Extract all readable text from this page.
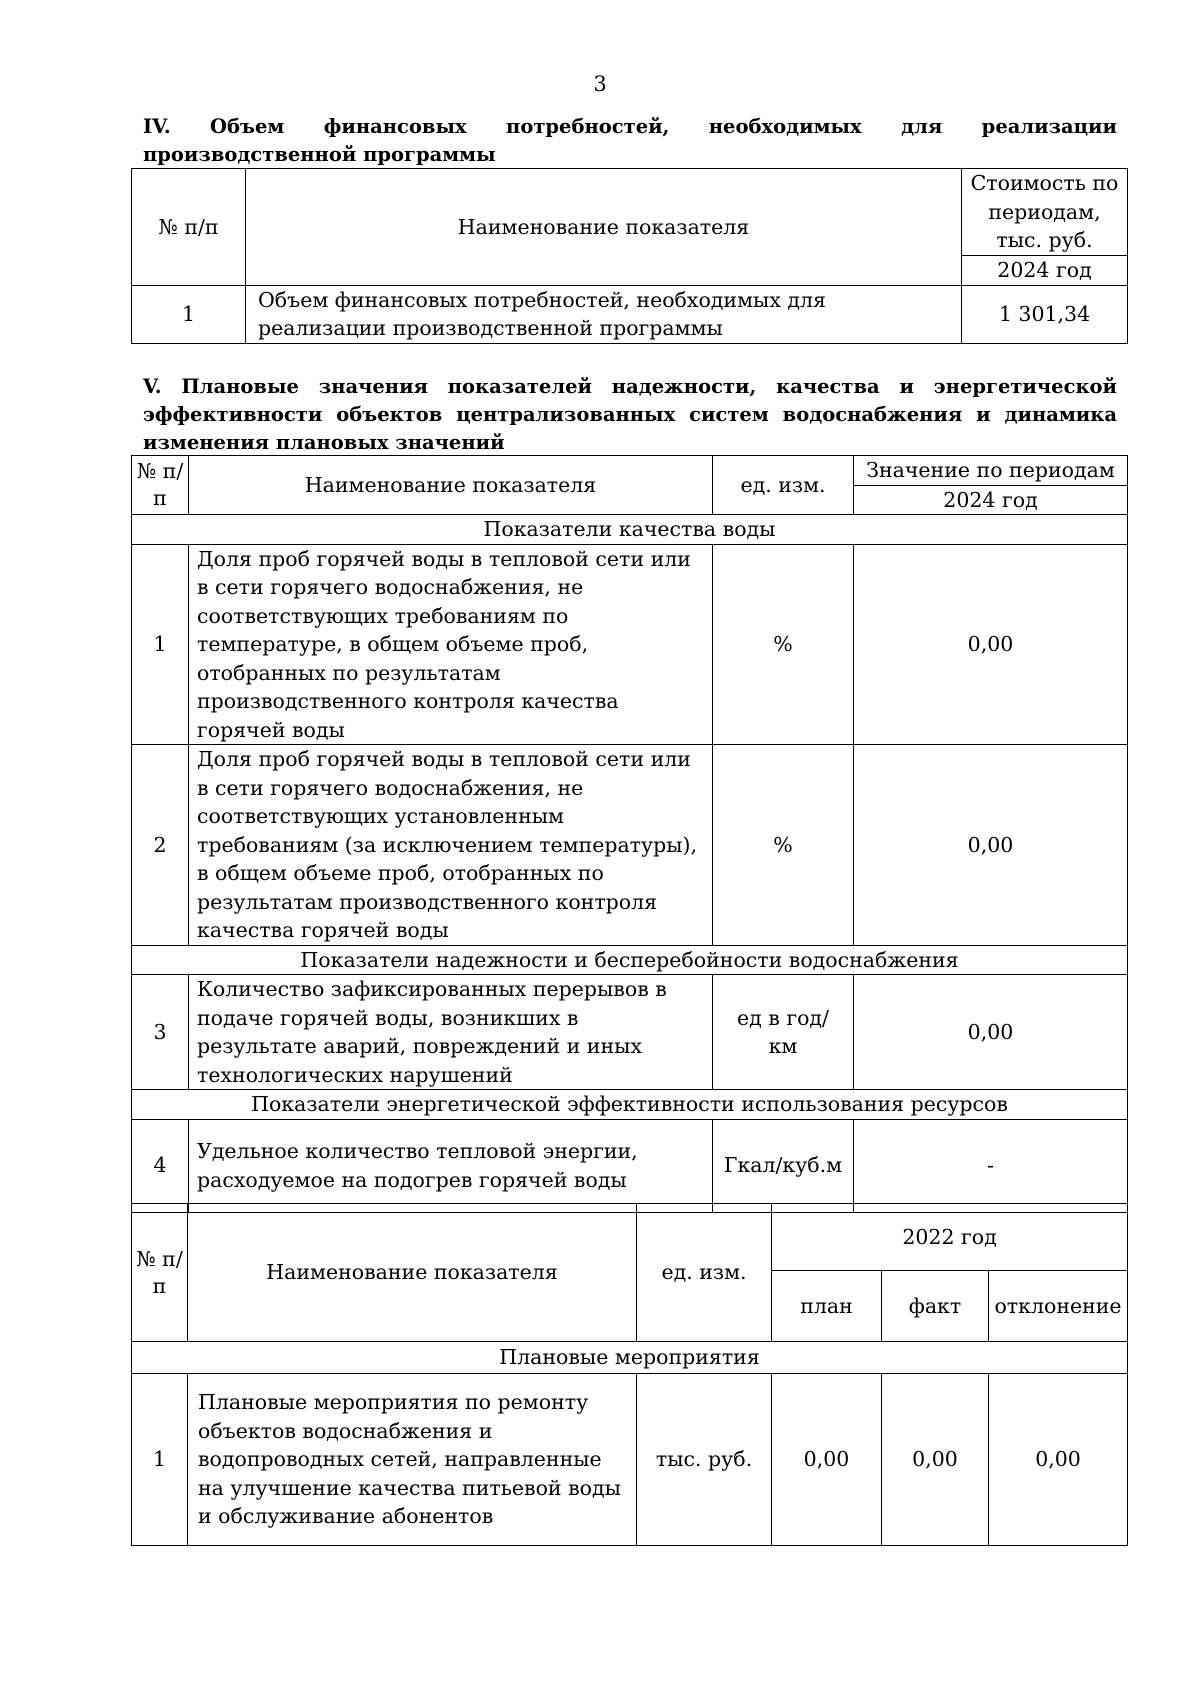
3
IV. Объем финансовых потребностей, необходимых для реализации производственной программы
№ п/п	Наименование показателя	Стоимость по периодам, тыс. руб.
		2024 год
1	Объем финансовых потребностей, необходимых для реализации производственной программы	1 301,34
V. Плановые значения показателей надежности, качества и энергетической эффективности объектов централизованных систем водоснабжения и динамика изменения плановых значений
№ п/п	Наименование показателя	ед. изм.	Значение по периодам
			2024 год
Показатели качества воды			
1	Доля проб горячей воды в тепловой сети или в сети горячего водоснабжения, не соответствующих требованиям по температуре, в общем объеме проб, отобранных по результатам производственного контроля качества горячей воды	%	0,00
2	Доля проб горячей воды в тепловой сети или в сети горячего водоснабжения, не соответствующих установленным требованиям (за исключением температуры), в общем объеме проб, отобранных по результатам производственного контроля качества горячей воды	%	0,00
Показатели надежности и бесперебойности водоснабжения			
3	Количество зафиксированных перерывов в подаче горячей воды, возникших в результате аварий, повреждений и иных технологических нарушений	ед в год/ км	0,00
Показатели энергетической эффективности использования ресурсов			
4	Удельное количество тепловой энергии, расходуемое на подогрев горячей воды	Гкал/куб.м	-
№ п/п	Наименование показателя	ед. изм.	2022 год		
			план	факт	отклонение
Плановые мероприятия					
1	Плановые мероприятия по ремонту объектов водоснабжения и водопроводных сетей, направленные на улучшение качества питьевой воды и обслуживание абонентов	тыс. руб.	0,00	0,00	0,00
